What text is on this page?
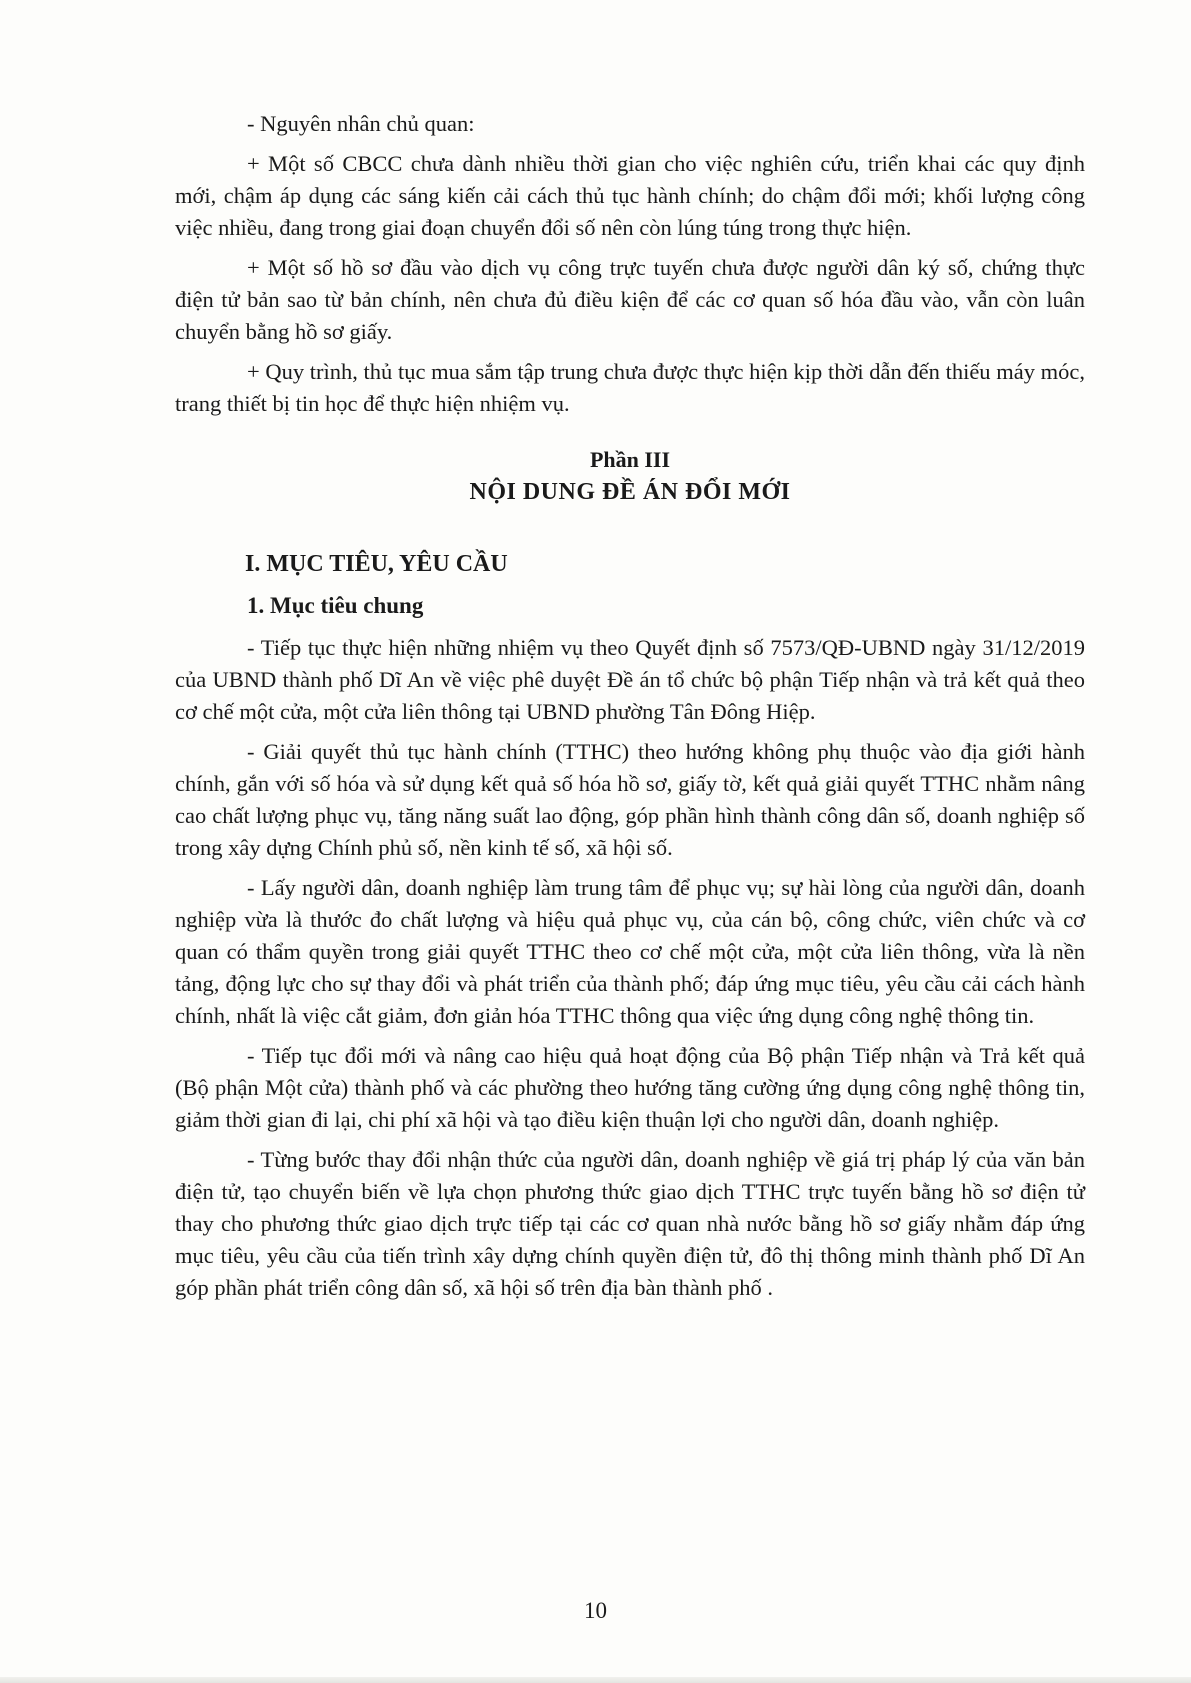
- Nguyên nhân chủ quan:

+ Một số CBCC chưa dành nhiều thời gian cho việc nghiên cứu, triển khai các quy định mới, chậm áp dụng các sáng kiến cải cách thủ tục hành chính; do chậm đổi mới; khối lượng công việc nhiều, đang trong giai đoạn chuyển đổi số nên còn lúng túng trong thực hiện.

+ Một số hồ sơ đầu vào dịch vụ công trực tuyến chưa được người dân ký số, chứng thực điện tử bản sao từ bản chính, nên chưa đủ điều kiện để các cơ quan số hóa đầu vào, vẫn còn luân chuyển bằng hồ sơ giấy.

+ Quy trình, thủ tục mua sắm tập trung chưa được thực hiện kịp thời dẫn đến thiếu máy móc, trang thiết bị tin học để thực hiện nhiệm vụ.

Phần III

NỘI DUNG ĐỀ ÁN ĐỔI MỚI

I. MỤC TIÊU, YÊU CẦU

1. Mục tiêu chung

- Tiếp tục thực hiện những nhiệm vụ theo Quyết định số 7573/QĐ-UBND ngày 31/12/2019 của UBND thành phố Dĩ An về việc phê duyệt Đề án tổ chức bộ phận Tiếp nhận và trả kết quả theo cơ chế một cửa, một cửa liên thông tại UBND phường Tân Đông Hiệp.

- Giải quyết thủ tục hành chính (TTHC) theo hướng không phụ thuộc vào địa giới hành chính, gắn với số hóa và sử dụng kết quả số hóa hồ sơ, giấy tờ, kết quả giải quyết TTHC nhằm nâng cao chất lượng phục vụ, tăng năng suất lao động, góp phần hình thành công dân số, doanh nghiệp số trong xây dựng Chính phủ số, nền kinh tế số, xã hội số.

- Lấy người dân, doanh nghiệp làm trung tâm để phục vụ; sự hài lòng của người dân, doanh nghiệp vừa là thước đo chất lượng và hiệu quả phục vụ, của cán bộ, công chức, viên chức và cơ quan có thẩm quyền trong giải quyết TTHC theo cơ chế một cửa, một cửa liên thông, vừa là nền tảng, động lực cho sự thay đổi và phát triển của thành phố; đáp ứng mục tiêu, yêu cầu cải cách hành chính, nhất là việc cắt giảm, đơn giản hóa TTHC thông qua việc ứng dụng công nghệ thông tin.

- Tiếp tục đổi mới và nâng cao hiệu quả hoạt động của Bộ phận Tiếp nhận và Trả kết quả (Bộ phận Một cửa) thành phố và các phường theo hướng tăng cường ứng dụng công nghệ thông tin, giảm thời gian đi lại, chi phí xã hội và tạo điều kiện thuận lợi cho người dân, doanh nghiệp.

- Từng bước thay đổi nhận thức của người dân, doanh nghiệp về giá trị pháp lý của văn bản điện tử, tạo chuyển biến về lựa chọn phương thức giao dịch TTHC trực tuyến bằng hồ sơ điện tử thay cho phương thức giao dịch trực tiếp tại các cơ quan nhà nước bằng hồ sơ giấy nhằm đáp ứng mục tiêu, yêu cầu của tiến trình xây dựng chính quyền điện tử, đô thị thông minh thành phố Dĩ An góp phần phát triển công dân số, xã hội số trên địa bàn thành phố .

10
